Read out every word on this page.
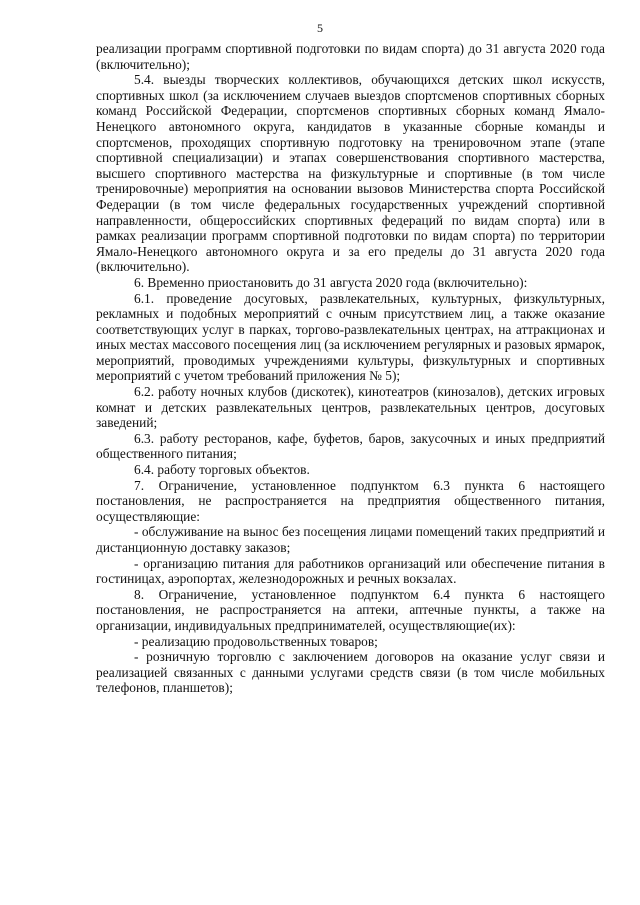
5

реализации программ спортивной подготовки по видам спорта) до 31 августа 2020 года (включительно);

5.4. выезды творческих коллективов, обучающихся детских школ искусств, спортивных школ (за исключением случаев выездов спортсменов спортивных сборных команд Российской Федерации, спортсменов спортивных сборных команд Ямало-Ненецкого автономного округа, кандидатов в указанные сборные команды и спортсменов, проходящих спортивную подготовку на тренировочном этапе (этапе спортивной специализации) и этапах совершенствования спортивного мастерства, высшего спортивного мастерства на физкультурные и спортивные (в том числе тренировочные) мероприятия на основании вызовов Министерства спорта Российской Федерации (в том числе федеральных государственных учреждений спортивной направленности, общероссийских спортивных федераций по видам спорта) или в рамках реализации программ спортивной подготовки по видам спорта) по территории Ямало-Ненецкого автономного округа и за его пределы до 31 августа 2020 года (включительно).

6. Временно приостановить до 31 августа 2020 года (включительно):

6.1. проведение досуговых, развлекательных, культурных, физкультурных, рекламных и подобных мероприятий с очным присутствием лиц, а также оказание соответствующих услуг в парках, торгово-развлекательных центрах, на аттракционах и иных местах массового посещения лиц (за исключением регулярных и разовых ярмарок, мероприятий, проводимых учреждениями культуры, физкультурных и спортивных мероприятий с учетом требований приложения № 5);

6.2. работу ночных клубов (дискотек), кинотеатров (кинозалов), детских игровых комнат и детских развлекательных центров, развлекательных центров, досуговых заведений;

6.3. работу ресторанов, кафе, буфетов, баров, закусочных и иных предприятий общественного питания;

6.4. работу торговых объектов.

7. Ограничение, установленное подпунктом 6.3 пункта 6 настоящего постановления, не распространяется на предприятия общественного питания, осуществляющие:

- обслуживание на вынос без посещения лицами помещений таких предприятий и дистанционную доставку заказов;

- организацию питания для работников организаций или обеспечение питания в гостиницах, аэропортах, железнодорожных и речных вокзалах.

8. Ограничение, установленное подпунктом 6.4 пункта 6 настоящего постановления, не распространяется на аптеки, аптечные пункты, а также на организации, индивидуальных предпринимателей, осуществляющие(их):

- реализацию продовольственных товаров;

- розничную торговлю с заключением договоров на оказание услуг связи и реализацией связанных с данными услугами средств связи (в том числе мобильных телефонов, планшетов);
